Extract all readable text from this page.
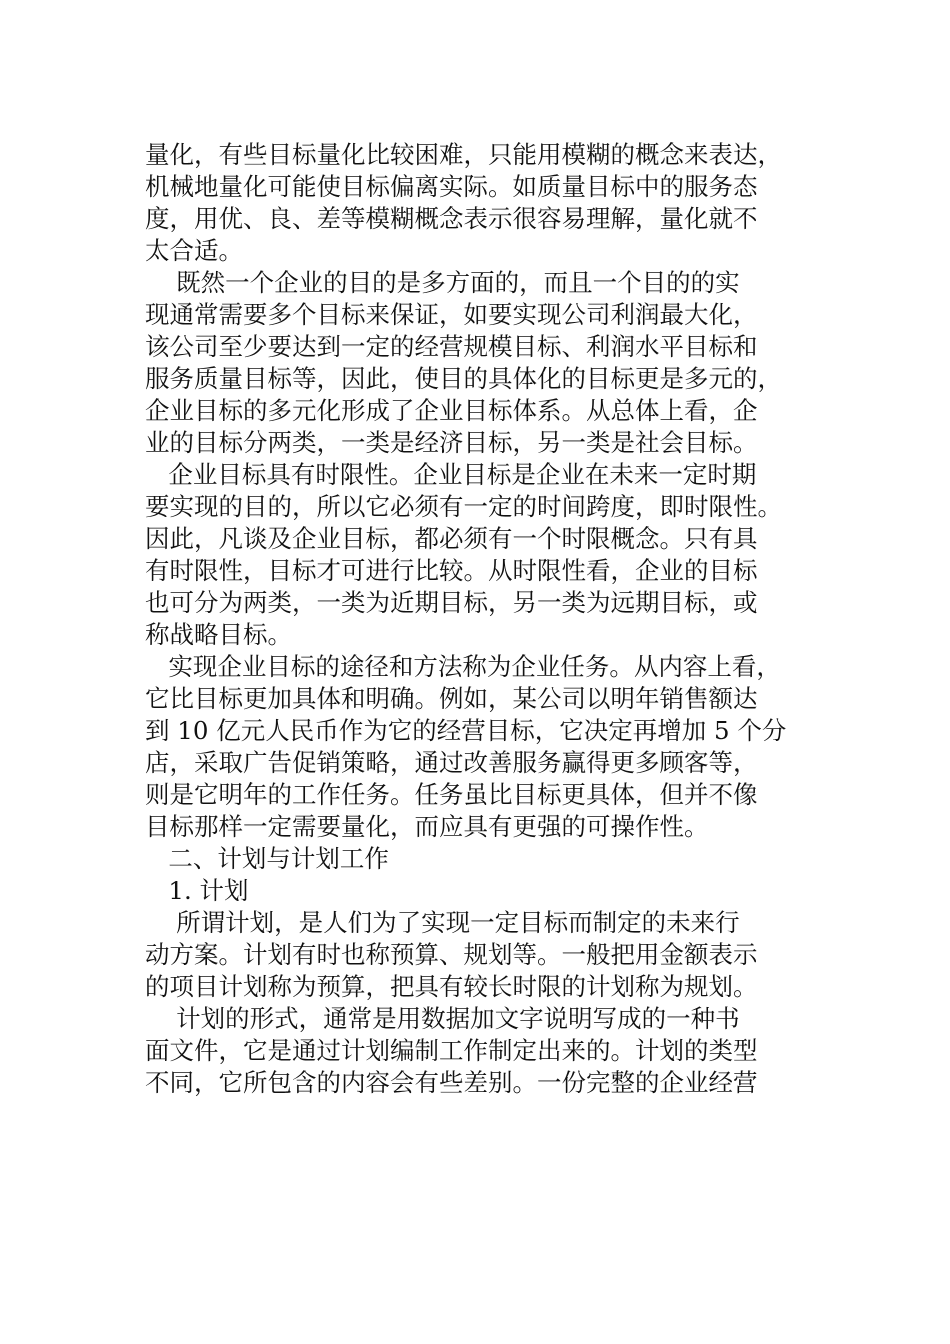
量化，有些目标量化比较困难，只能用模糊的概念来表达，
机械地量化可能使目标偏离实际。如质量目标中的服务态
度，用优、良、差等模糊概念表示很容易理解，量化就不
太合适。
既然一个企业的目的是多方面的，而且一个目的的实
现通常需要多个目标来保证，如要实现公司利润最大化，
该公司至少要达到一定的经营规模目标、利润水平目标和
服务质量目标等，因此，使目的具体化的目标更是多元的，
企业目标的多元化形成了企业目标体系。从总体上看，企
业的目标分两类，一类是经济目标，另一类是社会目标。
企业目标具有时限性。企业目标是企业在未来一定时期
要实现的目的，所以它必须有一定的时间跨度，即时限性。
因此，凡谈及企业目标，都必须有一个时限概念。只有具
有时限性，目标才可进行比较。从时限性看，企业的目标
也可分为两类，一类为近期目标，另一类为远期目标，或
称战略目标。
实现企业目标的途径和方法称为企业任务。从内容上看，
它比目标更加具体和明确。例如，某公司以明年销售额达
到 10 亿元人民币作为它的经营目标，它决定再增加 5 个分
店，采取广告促销策略，通过改善服务赢得更多顾客等，
则是它明年的工作任务。任务虽比目标更具体，但并不像
目标那样一定需要量化，而应具有更强的可操作性。
二、计划与计划工作
1. 计划
所谓计划，是人们为了实现一定目标而制定的未来行
动方案。计划有时也称预算、规划等。一般把用金额表示
的项目计划称为预算，把具有较长时限的计划称为规划。
计划的形式，通常是用数据加文字说明写成的一种书
面文件，它是通过计划编制工作制定出来的。计划的类型
不同，它所包含的内容会有些差别。一份完整的企业经营
